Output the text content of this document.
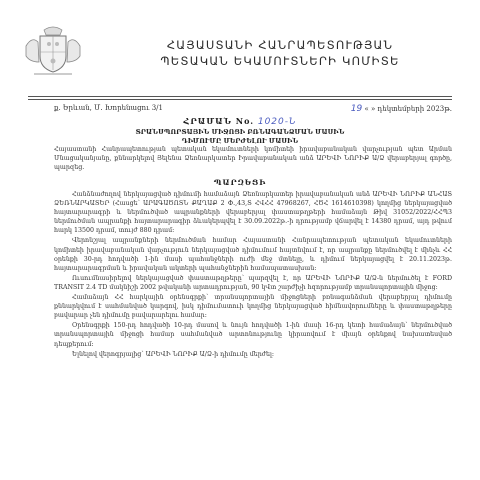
ՀԱՅԱՍՏԱՆԻ ՀԱՆՐԱՊԵՏՈՒԹՅԱՆ
ՊԵՏԱԿԱՆ ԵԿԱՄՈՒՏՆԵՐԻ ԿՈՄԻՏԵ
ք. Երևան, Մ. Խորենացու 3/1	19 « » դեկտեմբերի 2023թ.
ՀՐԱՄԱՆ No. 1020-Ն
ՏՐԱՆՍՊՈՐՏԱՅԻՆ ՄԻՋՈՑԻ ԲՌՆԱԳԱՆՁՄԱՆ ՄԱՍԻՆ
ԴԻՄՈՒՄԸ ՄԵՐԺԵԼՈՒ ՄԱՍԻՆ
Հայաստանի Հանրապետության պետական եկամուտների կոմիտեի իրավաբանական վարչության պետ Արման Մնացականյանը, քննարկելով Յելենա Ձեռնարկատեր Իրավաբանական անձ ԱՐԵՎԻ ՆՈՐԻՔ Ա/Ձ վերաբերյալ գործը, պարզեց.
ՊԱՐԶԵՑԻ

Հանձնաժողով ներկայացված դիմումի համաձայն Ձեռնարկատեր իրավաբանական անձ ԱՐԵՎԻ ՆՈՐԻՔ ԱՆՀԱՏ ՁԵՌՆԱՐԿԱՏԵՐ (Հասցե՝ ԱՐԱԳԱԾՈՏՆ ՔԱՂԱՔ 2 Փ.,43,Տ ՀՎՀՀ 47968267, ՀԾՀ 1614610398) կողմից ներկայացված հայտարարագրի և ներմուծված ապրանքների վերաբերյալ փաստաթղթերի համաձայն Թիվ 31052/2022/ՀՀՊ3 ներմուծման ապրանքի հայտարարագիր ձևակերպվել է 30.09.2022թ.-ի դրությամբ վճարվել է 14380 դրամ, այդ թվում հարկ 13500 դրամ, տույժ 880 դրամ:

Վերոնշյալ ապրանքների ներմուծման համար Հայաստանի Հանրապետության պետական եկամուտների կոմիտեի իրավաբանական վարչություն ներկայացված դիմումում հայտնվում է, որ ապրանքը ներմուծվել է մինչև ՀՀ օրենքի 30-րդ հոդվածի 1-ին մասի պահանջների ուժի մեջ մտնելը, և դիմում ներկայացվել է 20.11.2023թ. հայտարարագրման և իրավական ակտերի պահանջներին համապատասխան:

Ուսումնասիրելով ներկայացված փաստաթղթերը՝ պարզվել է, որ ԱՐԵՎԻ ՆՈՐԻՔ Ա/Ձ-ն ներմուծել է FORD TRANSIT 2.4 TD մակնիշի 2002 թվականի արտադրության, 90 կՎտ շարժիչի հզորությամբ տրանսպորտային միջոց:

Համաձայն ՀՀ հարկային օրենսգրքի՝ տրանսպորտային միջոցների բռնագանձման վերաբերյալ դիմումը քննարկվում է սահմանված կարգով, իսկ դիմումատուի կողմից ներկայացված հիմնավորումները և փաստաթղթերը բավարար չեն դիմումը բավարարելու համար:

Օրենսգրքի 150-րդ հոդվածի 10-րդ մասով և նույն հոդվածի 1-ին մասի 16-րդ կետի համաձայն՝ ներմուծված տրանսպորտային միջոցի համար սահմանված արտոնությունը կիրառվում է միայն օրենքով նախատեսված դեպքերում:

Ելնելով վերոգրյալից՝ ԱՐԵՎԻ ՆՈՐԻՔ Ա/Ձ-ի դիմումը մերժել:
